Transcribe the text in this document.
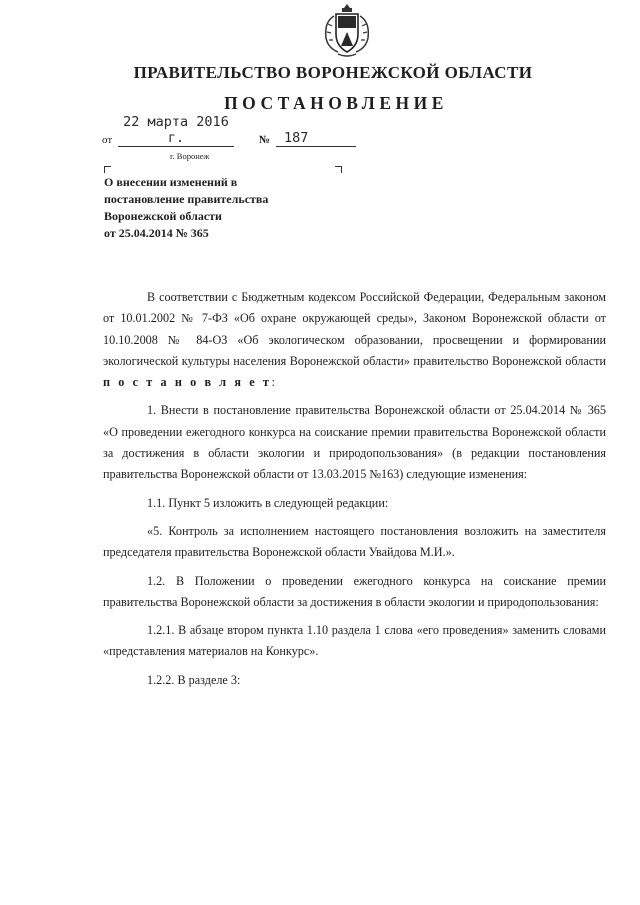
ПРАВИТЕЛЬСТВО ВОРОНЕЖСКОЙ ОБЛАСТИ
ПОСТАНОВЛЕНИЕ
от
22 марта 2016 г.	№	187
г. Воронеж
О внесении изменений в
постановление правительства
Воронежской области
от 25.04.2014 № 365

В соответствии с Бюджетным кодексом Российской Федерации, Федеральным законом от 10.01.2002 № 7-ФЗ «Об охране окружающей среды», Законом Воронежской области от 10.10.2008 № 84-ОЗ «Об экологическом образовании, просвещении и формировании экологической культуры населения Воронежской области» правительство Воронежской области п о с т а н о в л я е т:

1. Внести в постановление правительства Воронежской области от 25.04.2014 № 365 «О проведении ежегодного конкурса на соискание премии правительства Воронежской области за достижения в области экологии и природопользования» (в редакции постановления правительства Воронежской области от 13.03.2015 №163) следующие изменения:

1.1. Пункт 5 изложить в следующей редакции:

«5. Контроль за исполнением настоящего постановления возложить на заместителя председателя правительства Воронежской области Увайдова М.И.».

1.2. В Положении о проведении ежегодного конкурса на соискание премии правительства Воронежской области за достижения в области экологии и природопользования:

1.2.1. В абзаце втором пункта 1.10 раздела 1 слова «его проведения» заменить словами «представления материалов на Конкурс».

1.2.2. В разделе 3:
